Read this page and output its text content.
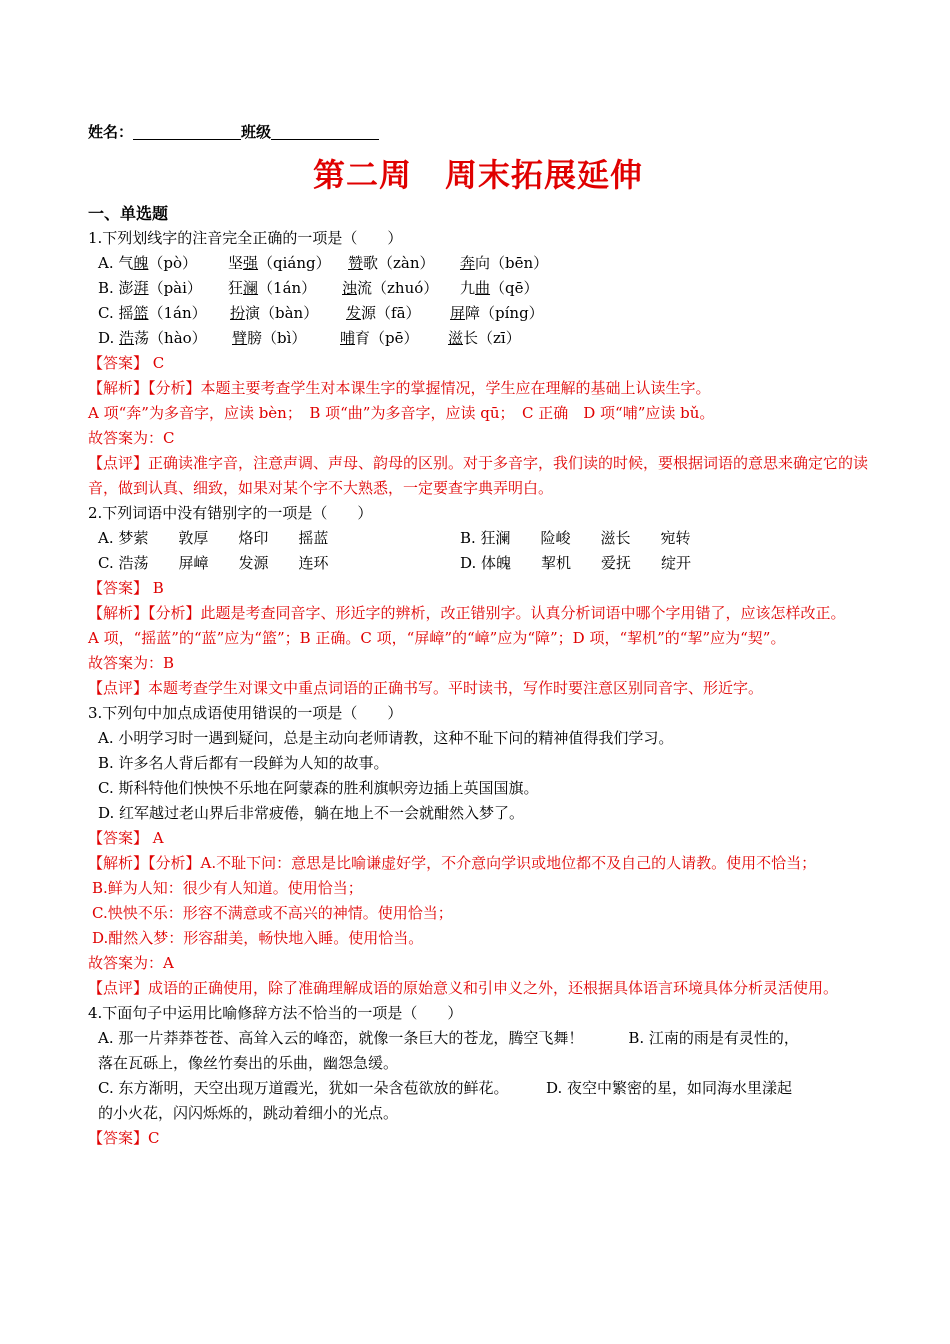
姓名：	班级
第二周　周末拓展延伸
一、单选题
1.下列划线字的注音完全正确的一项是（　　）
A. 气魄（pò） 坚强（qiáng） 赞歌（zàn） 奔向（bēn）
B. 澎湃（pài） 狂澜（1án） 浊流（zhuó） 九曲（qē）
C. 摇篮（1án） 扮演（bàn） 发源（fā） 屏障（píng）
D. 浩荡（hào） 臂膀（bì） 哺育（pē） 滋长（zī）
【答案】 C
【解析】【分析】本题主要考查学生对本课生字的掌握情况，学生应在理解的基础上认读生字。
A 项“奔”为多音字，应读 bèn；　B 项“曲”为多音字，应读 qū；　C 正确　D 项“哺”应读 bǔ。
故答案为：C
【点评】正确读准字音，注意声调、声母、韵母的区别。对于多音字，我们读的时候，要根据词语的意思来确定它的读音，做到认真、细致，如果对某个字不大熟悉，一定要查字典弄明白。
2.下列词语中没有错别字的一项是（　　）
A. 梦萦　　敦厚　　烙印　　摇蓝	B. 狂澜　　险峻　　滋长　　宛转
C. 浩荡　　屏嶂　　发源　　连环	D. 体魄　　挈机　　爱抚　　绽开
【答案】 B
【解析】【分析】此题是考查同音字、形近字的辨析，改正错别字。认真分析词语中哪个字用错了，应该怎样改正。
A 项，“摇蓝”的“蓝”应为“篮”；B 正确。C 项，“屏嶂”的“嶂”应为“障”；D 项，“挈机”的“挈”应为“契”。
故答案为：B
【点评】本题考查学生对课文中重点词语的正确书写。平时读书，写作时要注意区别同音字、形近字。
3.下列句中加点成语使用错误的一项是（　　）
A. 小明学习时一遇到疑问，总是主动向老师请教，这种不耻下问的精神值得我们学习。
B. 许多名人背后都有一段鲜为人知的故事。
C. 斯科特他们怏怏不乐地在阿蒙森的胜利旗帜旁边插上英国国旗。
D. 红军越过老山界后非常疲倦，躺在地上不一会就酣然入梦了。
【答案】 A
【解析】【分析】A.不耻下问：意思是比喻谦虚好学，不介意向学识或地位都不及自己的人请教。使用不恰当；
B.鲜为人知：很少有人知道。使用恰当；
C.怏怏不乐：形容不满意或不高兴的神情。使用恰当；
D.酣然入梦：形容甜美，畅快地入睡。使用恰当。
故答案为：A
【点评】成语的正确使用，除了准确理解成语的原始意义和引申义之外，还根据具体语言环境具体分析灵活使用。
4.下面句子中运用比喻修辞方法不恰当的一项是（　　）
A. 那一片莽莽苍苍、高耸入云的峰峦，就像一条巨大的苍龙，腾空飞舞！　　　B. 江南的雨是有灵性的，
落在瓦砾上，像丝竹奏出的乐曲，幽怨急缓。
C. 东方渐明，天空出现万道霞光，犹如一朵含苞欲放的鲜花。　　　D. 夜空中繁密的星，如同海水里漾起
的小火花，闪闪烁烁的，跳动着细小的光点。
【答案】C
